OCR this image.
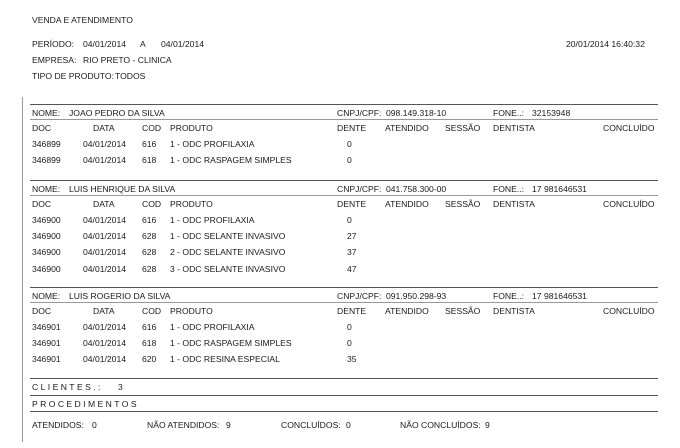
VENDA E ATENDIMENTO
PERÍODO: 04/01/2014 A 04/01/2014	20/01/2014 16:40:32
EMPRESA: RIO PRETO - CLINICA
TIPO DE PRODUTO: TODOS
NOME: JOAO PEDRO DA SILVA	CNPJ/CPF: 098.149.318-10	FONE..: 32153948
DOC	DATA	COD PRODUTO	DENTE ATENDIDO SESSÃO DENTISTA	CONCLUÍDO
346899	04/01/2014 616 1 - ODC PROFILAXIA	0
346899	04/01/2014 618 1 - ODC RASPAGEM SIMPLES	0
NOME: LUIS HENRIQUE DA SILVA	CNPJ/CPF: 041.758.300-00	FONE..: 17 981646531
DOC	DATA	COD PRODUTO	DENTE ATENDIDO SESSÃO DENTISTA	CONCLUÍDO
346900	04/01/2014 616 1 - ODC PROFILAXIA	0
346900	04/01/2014 628 1 - ODC SELANTE INVASIVO	27
346900	04/01/2014 628 2 - ODC SELANTE INVASIVO	37
346900	04/01/2014 628 3 - ODC SELANTE INVASIVO	47
NOME: LUIS ROGERIO DA SILVA	CNPJ/CPF: 091.950.298-93	FONE..: 17 981646531
DOC	DATA	COD PRODUTO	DENTE ATENDIDO SESSÃO DENTISTA	CONCLUÍDO
346901	04/01/2014 616 1 - ODC PROFILAXIA	0
346901	04/01/2014 618 1 - ODC RASPAGEM SIMPLES	0
346901	04/01/2014 620 1 - ODC RESINA ESPECIAL	35
CLIENTES.: 3
PROCEDIMENTOS
ATENDIDOS: 0	NÃO ATENDIDOS: 9	CONCLUÍDOS: 0	NÃO CONCLUÍDOS: 9
